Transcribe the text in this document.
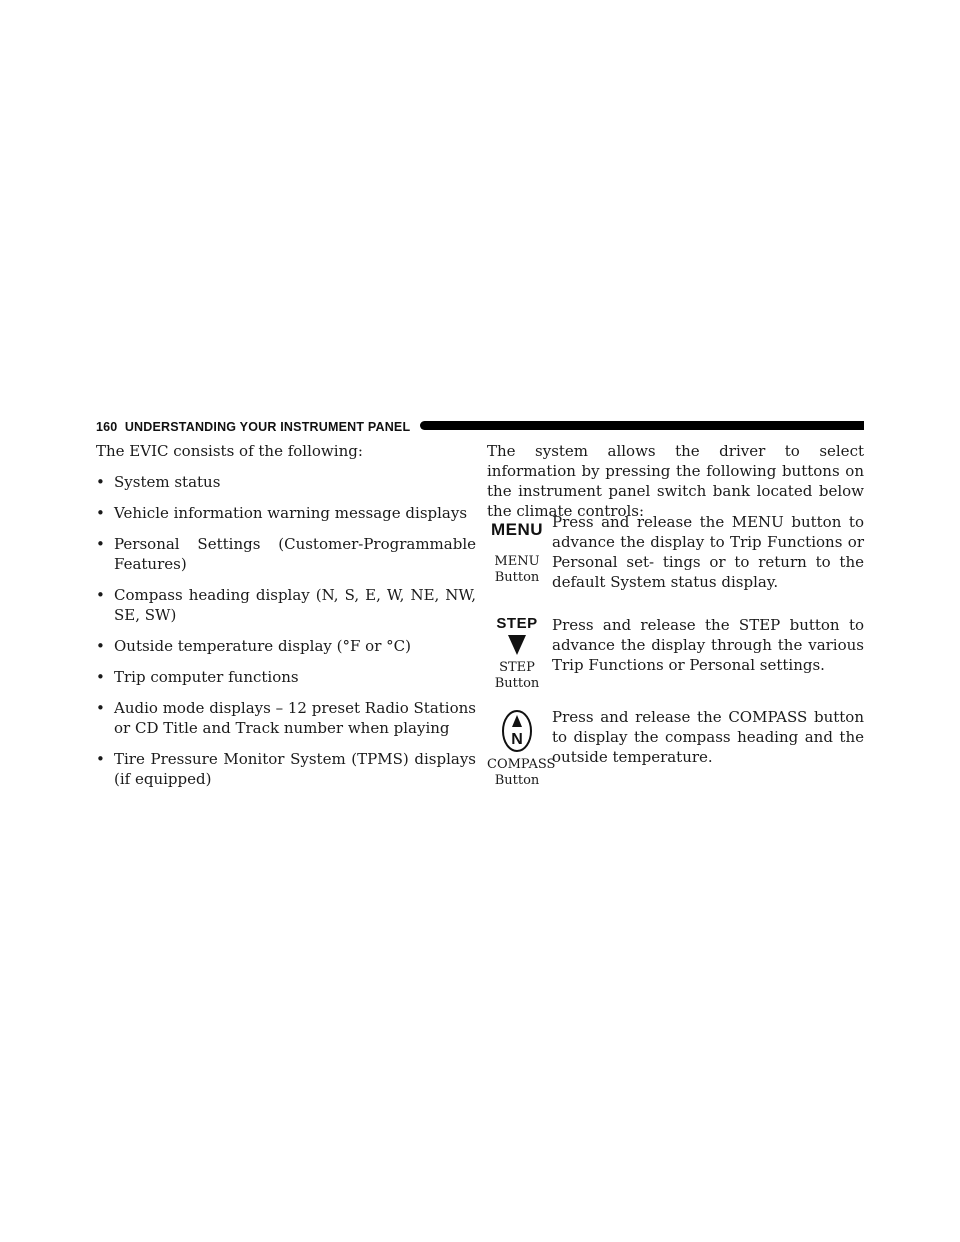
160 UNDERSTANDING YOUR INSTRUMENT PANEL

The EVIC consists of the following:

• System status
• Vehicle information warning message displays
• Personal Settings (Customer-Programmable Features)
• Compass heading display (N, S, E, W, NE, NW, SE, SW)
• Outside temperature display (°F or °C)
• Trip computer functions
• Audio mode displays – 12 preset Radio Stations or CD Title and Track number when playing
• Tire Pressure Monitor System (TPMS) displays (if equipped)

The system allows the driver to select information by pressing the following buttons on the instrument panel switch bank located below the climate controls:

MENU
MENU
Button

Press and release the MENU button to advance the display to Trip Functions or Personal set- tings or to return to the default System status display.

STEP
STEP
Button

Press and release the STEP button to advance the display through the various Trip Functions or Personal settings.

N
COMPASS
Button

Press and release the COMPASS button to display the compass heading and the outside temperature.
